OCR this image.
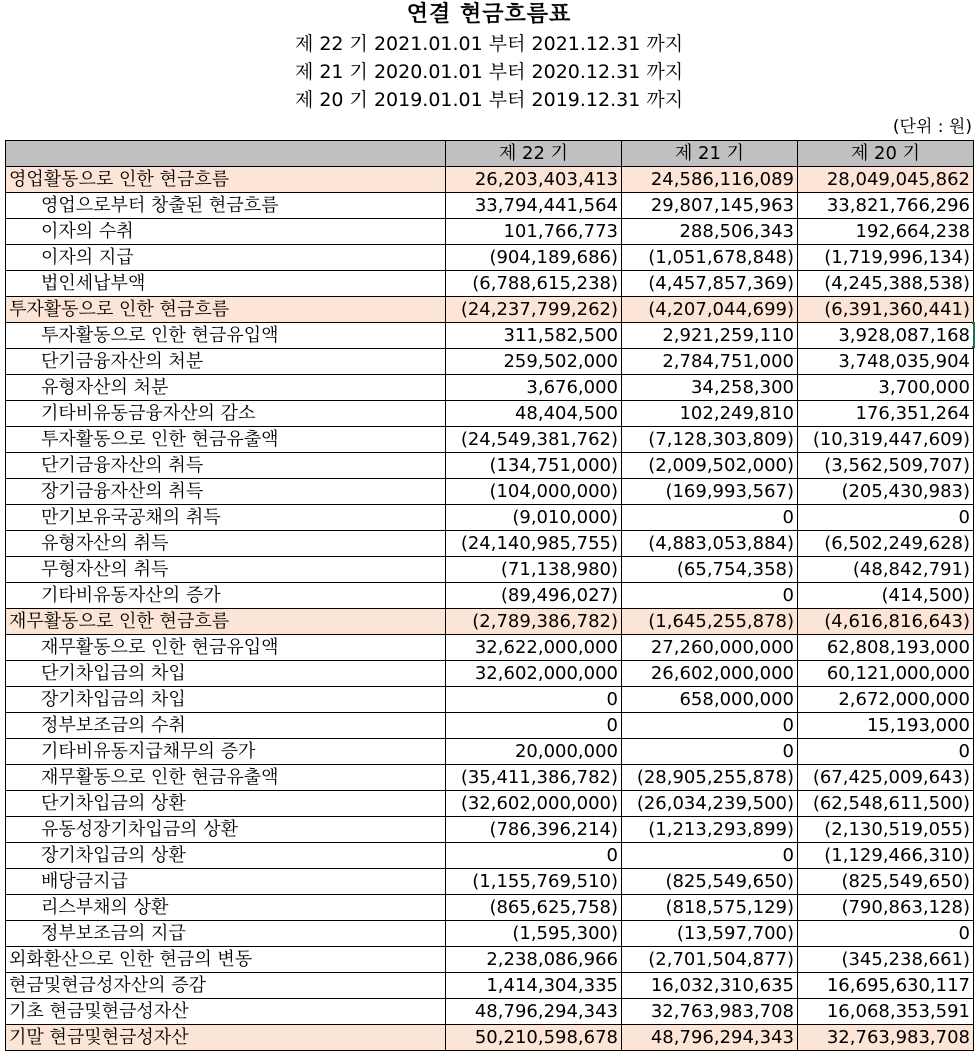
연결 현금흐름표
제 22 기 2021.01.01 부터 2021.12.31 까지
제 21 기 2020.01.01 부터 2020.12.31 까지
제 20 기 2019.01.01 부터 2019.12.31 까지
(단위 : 원)
	제 22 기	제 21 기	제 20 기
영업활동으로 인한 현금흐름	26,203,403,413	24,586,116,089	28,049,045,862
영업으로부터 창출된 현금흐름	33,794,441,564	29,807,145,963	33,821,766,296
이자의 수취	101,766,773	288,506,343	192,664,238
이자의 지급	(904,189,686)	(1,051,678,848)	(1,719,996,134)
법인세납부액	(6,788,615,238)	(4,457,857,369)	(4,245,388,538)
투자활동으로 인한 현금흐름	(24,237,799,262)	(4,207,044,699)	(6,391,360,441)
투자활동으로 인한 현금유입액	311,582,500	2,921,259,110	3,928,087,168
단기금융자산의 처분	259,502,000	2,784,751,000	3,748,035,904
유형자산의 처분	3,676,000	34,258,300	3,700,000
기타비유동금융자산의 감소	48,404,500	102,249,810	176,351,264
투자활동으로 인한 현금유출액	(24,549,381,762)	(7,128,303,809)	(10,319,447,609)
단기금융자산의 취득	(134,751,000)	(2,009,502,000)	(3,562,509,707)
장기금융자산의 취득	(104,000,000)	(169,993,567)	(205,430,983)
만기보유국공채의 취득	(9,010,000)	0	0
유형자산의 취득	(24,140,985,755)	(4,883,053,884)	(6,502,249,628)
무형자산의 취득	(71,138,980)	(65,754,358)	(48,842,791)
기타비유동자산의 증가	(89,496,027)	0	(414,500)
재무활동으로 인한 현금흐름	(2,789,386,782)	(1,645,255,878)	(4,616,816,643)
재무활동으로 인한 현금유입액	32,622,000,000	27,260,000,000	62,808,193,000
단기차입금의 차입	32,602,000,000	26,602,000,000	60,121,000,000
장기차입금의 차입	0	658,000,000	2,672,000,000
정부보조금의 수취	0	0	15,193,000
기타비유동지급채무의 증가	20,000,000	0	0
재무활동으로 인한 현금유출액	(35,411,386,782)	(28,905,255,878)	(67,425,009,643)
단기차입금의 상환	(32,602,000,000)	(26,034,239,500)	(62,548,611,500)
유동성장기차입금의 상환	(786,396,214)	(1,213,293,899)	(2,130,519,055)
장기차입금의 상환	0	0	(1,129,466,310)
배당금지급	(1,155,769,510)	(825,549,650)	(825,549,650)
리스부채의 상환	(865,625,758)	(818,575,129)	(790,863,128)
정부보조금의 지급	(1,595,300)	(13,597,700)	0
외화환산으로 인한 현금의 변동	2,238,086,966	(2,701,504,877)	(345,238,661)
현금및현금성자산의 증감	1,414,304,335	16,032,310,635	16,695,630,117
기초 현금및현금성자산	48,796,294,343	32,763,983,708	16,068,353,591
기말 현금및현금성자산	50,210,598,678	48,796,294,343	32,763,983,708
